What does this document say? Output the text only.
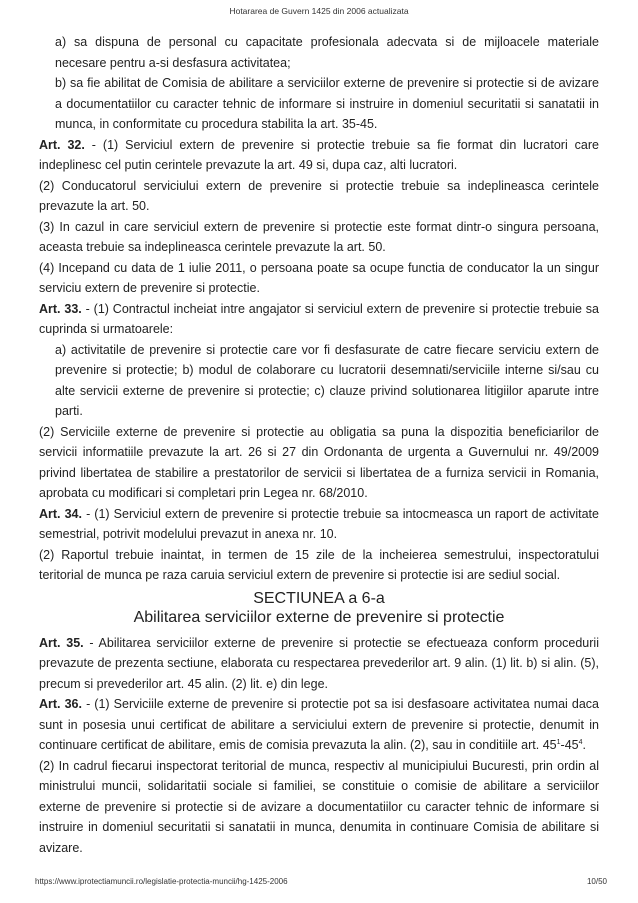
Hotararea de Guvern 1425 din 2006 actualizata

a) sa dispuna de personal cu capacitate profesionala adecvata si de mijloacele materiale necesare pentru a-si desfasura activitatea;

b) sa fie abilitat de Comisia de abilitare a serviciilor externe de prevenire si protectie si de avizare a documentatiilor cu caracter tehnic de informare si instruire in domeniul securitatii si sanatatii in munca, in conformitate cu procedura stabilita la art. 35-45.

Art. 32. - (1) Serviciul extern de prevenire si protectie trebuie sa fie format din lucratori care indeplinesc cel putin cerintele prevazute la art. 49 si, dupa caz, alti lucratori.

(2) Conducatorul serviciului extern de prevenire si protectie trebuie sa indeplineasca cerintele prevazute la art. 50.

(3) In cazul in care serviciul extern de prevenire si protectie este format dintr-o singura persoana, aceasta trebuie sa indeplineasca cerintele prevazute la art. 50.

(4) Incepand cu data de 1 iulie 2011, o persoana poate sa ocupe functia de conducator la un singur serviciu extern de prevenire si protectie.

Art. 33. - (1) Contractul incheiat intre angajator si serviciul extern de prevenire si protectie trebuie sa cuprinda si urmatoarele:

a) activitatile de prevenire si protectie care vor fi desfasurate de catre fiecare serviciu extern de prevenire si protectie; b) modul de colaborare cu lucratorii desemnati/serviciile interne si/sau cu alte servicii externe de prevenire si protectie; c) clauze privind solutionarea litigiilor aparute intre parti.

(2) Serviciile externe de prevenire si protectie au obligatia sa puna la dispozitia beneficiarilor de servicii informatiile prevazute la art. 26 si 27 din Ordonanta de urgenta a Guvernului nr. 49/2009 privind libertatea de stabilire a prestatorilor de servicii si libertatea de a furniza servicii in Romania, aprobata cu modificari si completari prin Legea nr. 68/2010.

Art. 34. - (1) Serviciul extern de prevenire si protectie trebuie sa intocmeasca un raport de activitate semestrial, potrivit modelului prevazut in anexa nr. 10.

(2) Raportul trebuie inaintat, in termen de 15 zile de la incheierea semestrului, inspectoratului teritorial de munca pe raza caruia serviciul extern de prevenire si protectie isi are sediul social.

SECTIUNEA a 6-a
Abilitarea serviciilor externe de prevenire si protectie

Art. 35. - Abilitarea serviciilor externe de prevenire si protectie se efectueaza conform procedurii prevazute de prezenta sectiune, elaborata cu respectarea prevederilor art. 9 alin. (1) lit. b) si alin. (5), precum si prevederilor art. 45 alin. (2) lit. e) din lege.

Art. 36. - (1) Serviciile externe de prevenire si protectie pot sa isi desfasoare activitatea numai daca sunt in posesia unui certificat de abilitare a serviciului extern de prevenire si protectie, denumit in continuare certificat de abilitare, emis de comisia prevazuta la alin. (2), sau in conditiile art. $45^1-45^4$.

(2) In cadrul fiecarui inspectorat teritorial de munca, respectiv al municipiului Bucuresti, prin ordin al ministrului muncii, solidaritatii sociale si familiei, se constituie o comisie de abilitare a serviciilor externe de prevenire si protectie si de avizare a documentatiilor cu caracter tehnic de informare si instruire in domeniul securitatii si sanatatii in munca, denumita in continuare Comisia de abilitare si avizare.

https://www.iprotectiamuncii.ro/legislatie-protectia-muncii/hg-1425-2006	10/50
